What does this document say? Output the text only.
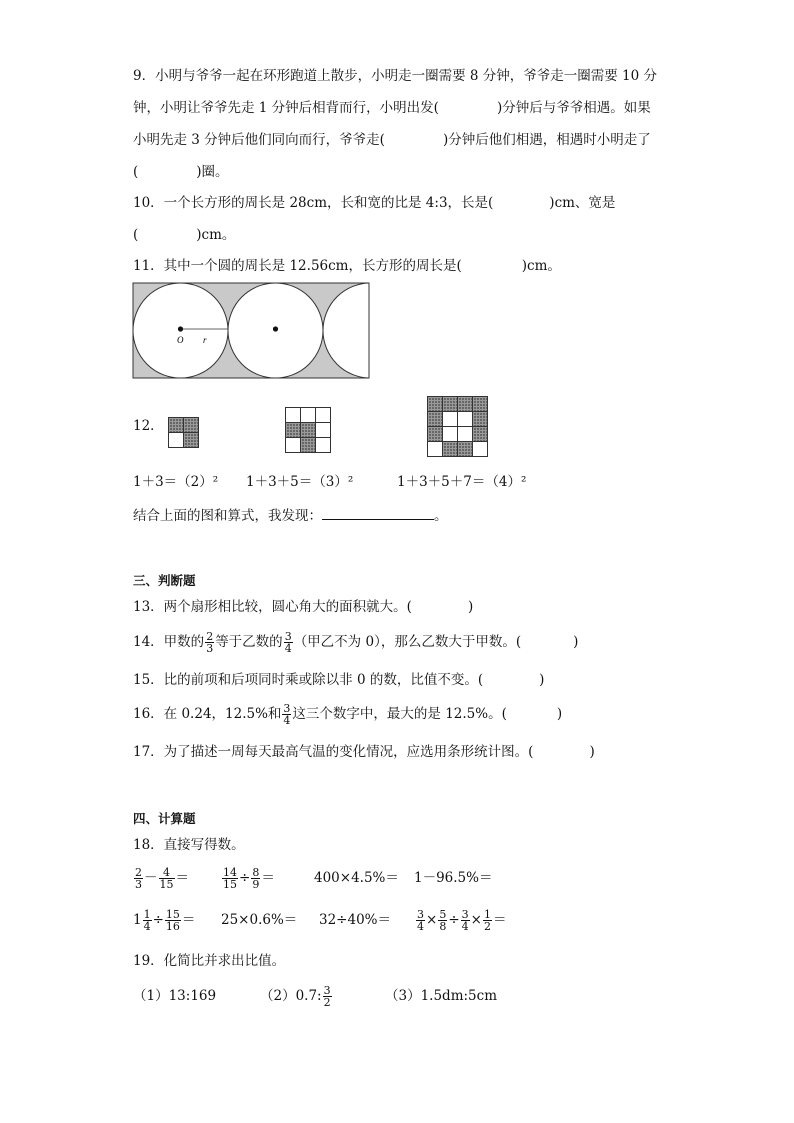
9．小明与爷爷一起在环形跑道上散步，小明走一圈需要 8 分钟，爷爷走一圈需要 10 分
钟，小明让爷爷先走 1 分钟后相背而行，小明出发(	)分钟后与爷爷相遇。如果
小明先走 3 分钟后他们同向而行，爷爷走(	)分钟后他们相遇，相遇时小明走了
(	)圈。
10．一个长方形的周长是 28cm，长和宽的比是 4:3，长是(	)cm、宽是
(	)cm。
11．其中一个圆的周长是 12.56cm，长方形的周长是(	)cm。
O r
12．

1＋3＝（2）² 1＋3＋5＝（3）²	1＋3＋5＋7＝（4）²
结合上面的图和算式，我发现：	。
三、判断题
13．两个扇形相比较，圆心角大的面积就大。(	)
14．甲数的 $\frac{2}{3}$ 等于乙数的 $\frac{3}{4}$ （甲乙不为 0），那么乙数大于甲数。(	)
15．比的前项和后项同时乘或除以非 0 的数，比值不变。(	)
16．在 0.24，12.5%和 $\frac{3}{4}$ 这三个数字中，最大的是 12.5%。(	)
17．为了描述一周每天最高气温的变化情况，应选用条形统计图。(	)
四、计算题
18．直接写得数。
$\frac{2}{3} - \frac{4}{15}$ ＝	$\frac{14}{15} \div \frac{8}{9}$ ＝	400×4.5%＝ 1－96.5%＝
$1 \frac{1}{4} \div \frac{15}{16} = 25\times 0.6\%= 32\div 40\%= \frac{3}{4} \times \frac{5}{8} \div \frac{3}{4} \times \frac{1}{2}$ ＝
19．化简比并求出比值。
（1）13:169	（2）0.7: $\frac{3}{2}$	（3）1.5dm:5cm
